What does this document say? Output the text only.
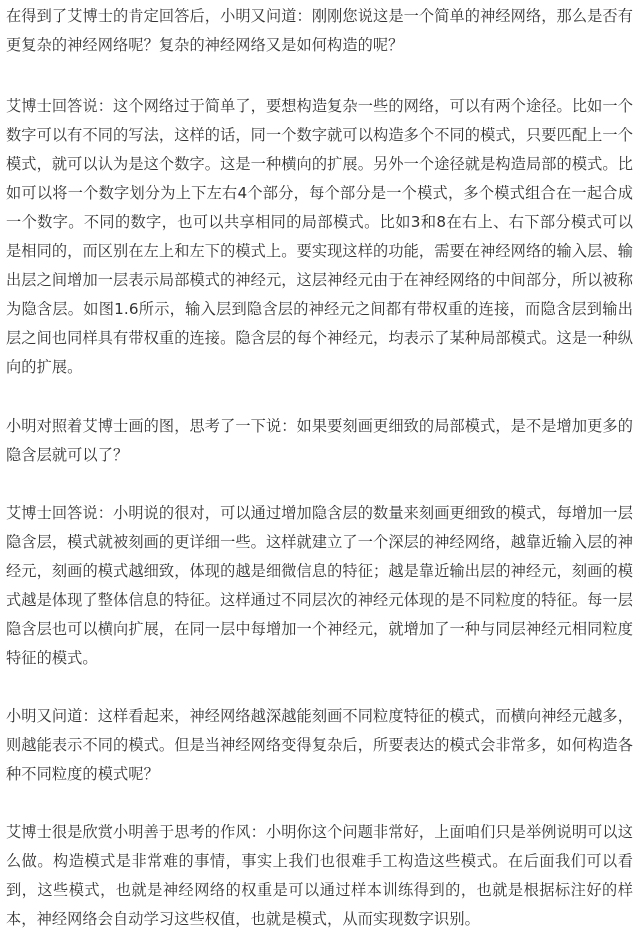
在得到了艾博士的肯定回答后，小明又问道：刚刚您说这是一个简单的神经网络，那么是否有更复杂的神经网络呢？复杂的神经网络又是如何构造的呢？

艾博士回答说：这个网络过于简单了，要想构造复杂一些的网络，可以有两个途径。比如一个数字可以有不同的写法，这样的话，同一个数字就可以构造多个不同的模式，只要匹配上一个模式，就可以认为是这个数字。这是一种横向的扩展。另外一个途径就是构造局部的模式。比如可以将一个数字划分为上下左右4个部分，每个部分是一个模式，多个模式组合在一起合成一个数字。不同的数字，也可以共享相同的局部模式。比如3和8在右上、右下部分模式可以是相同的，而区别在左上和左下的模式上。要实现这样的功能，需要在神经网络的输入层、输出层之间增加一层表示局部模式的神经元，这层神经元由于在神经网络的中间部分，所以被称为隐含层。如图1.6所示，输入层到隐含层的神经元之间都有带权重的连接，而隐含层到输出层之间也同样具有带权重的连接。隐含层的每个神经元，均表示了某种局部模式。这是一种纵向的扩展。

小明对照着艾博士画的图，思考了一下说：如果要刻画更细致的局部模式，是不是增加更多的隐含层就可以了？

艾博士回答说：小明说的很对，可以通过增加隐含层的数量来刻画更细致的模式，每增加一层隐含层，模式就被刻画的更详细一些。这样就建立了一个深层的神经网络，越靠近输入层的神经元，刻画的模式越细致，体现的越是细微信息的特征；越是靠近输出层的神经元，刻画的模式越是体现了整体信息的特征。这样通过不同层次的神经元体现的是不同粒度的特征。每一层隐含层也可以横向扩展，在同一层中每增加一个神经元，就增加了一种与同层神经元相同粒度特征的模式。

小明又问道：这样看起来，神经网络越深越能刻画不同粒度特征的模式，而横向神经元越多，则越能表示不同的模式。但是当神经网络变得复杂后，所要表达的模式会非常多，如何构造各种不同粒度的模式呢？

艾博士很是欣赏小明善于思考的作风：小明你这个问题非常好，上面咱们只是举例说明可以这么做。构造模式是非常难的事情，事实上我们也很难手工构造这些模式。在后面我们可以看到，这些模式，也就是神经网络的权重是可以通过样本训练得到的，也就是根据标注好的样本，神经网络会自动学习这些权值，也就是模式，从而实现数字识别。
